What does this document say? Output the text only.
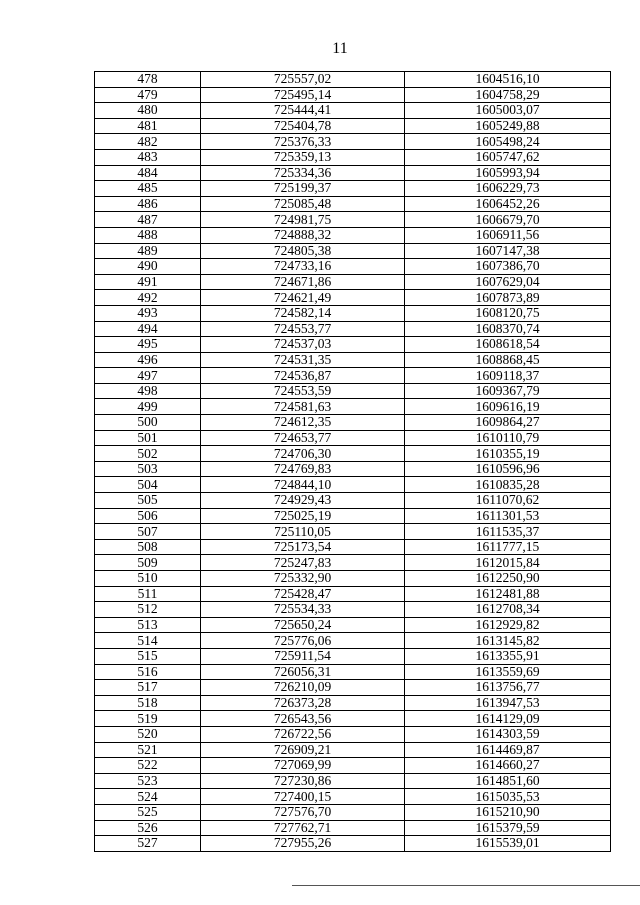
11
478	725557,02	1604516,10
479	725495,14	1604758,29
480	725444,41	1605003,07
481	725404,78	1605249,88
482	725376,33	1605498,24
483	725359,13	1605747,62
484	725334,36	1605993,94
485	725199,37	1606229,73
486	725085,48	1606452,26
487	724981,75	1606679,70
488	724888,32	1606911,56
489	724805,38	1607147,38
490	724733,16	1607386,70
491	724671,86	1607629,04
492	724621,49	1607873,89
493	724582,14	1608120,75
494	724553,77	1608370,74
495	724537,03	1608618,54
496	724531,35	1608868,45
497	724536,87	1609118,37
498	724553,59	1609367,79
499	724581,63	1609616,19
500	724612,35	1609864,27
501	724653,77	1610110,79
502	724706,30	1610355,19
503	724769,83	1610596,96
504	724844,10	1610835,28
505	724929,43	1611070,62
506	725025,19	1611301,53
507	725110,05	1611535,37
508	725173,54	1611777,15
509	725247,83	1612015,84
510	725332,90	1612250,90
511	725428,47	1612481,88
512	725534,33	1612708,34
513	725650,24	1612929,82
514	725776,06	1613145,82
515	725911,54	1613355,91
516	726056,31	1613559,69
517	726210,09	1613756,77
518	726373,28	1613947,53
519	726543,56	1614129,09
520	726722,56	1614303,59
521	726909,21	1614469,87
522	727069,99	1614660,27
523	727230,86	1614851,60
524	727400,15	1615035,53
525	727576,70	1615210,90
526	727762,71	1615379,59
527	727955,26	1615539,01
